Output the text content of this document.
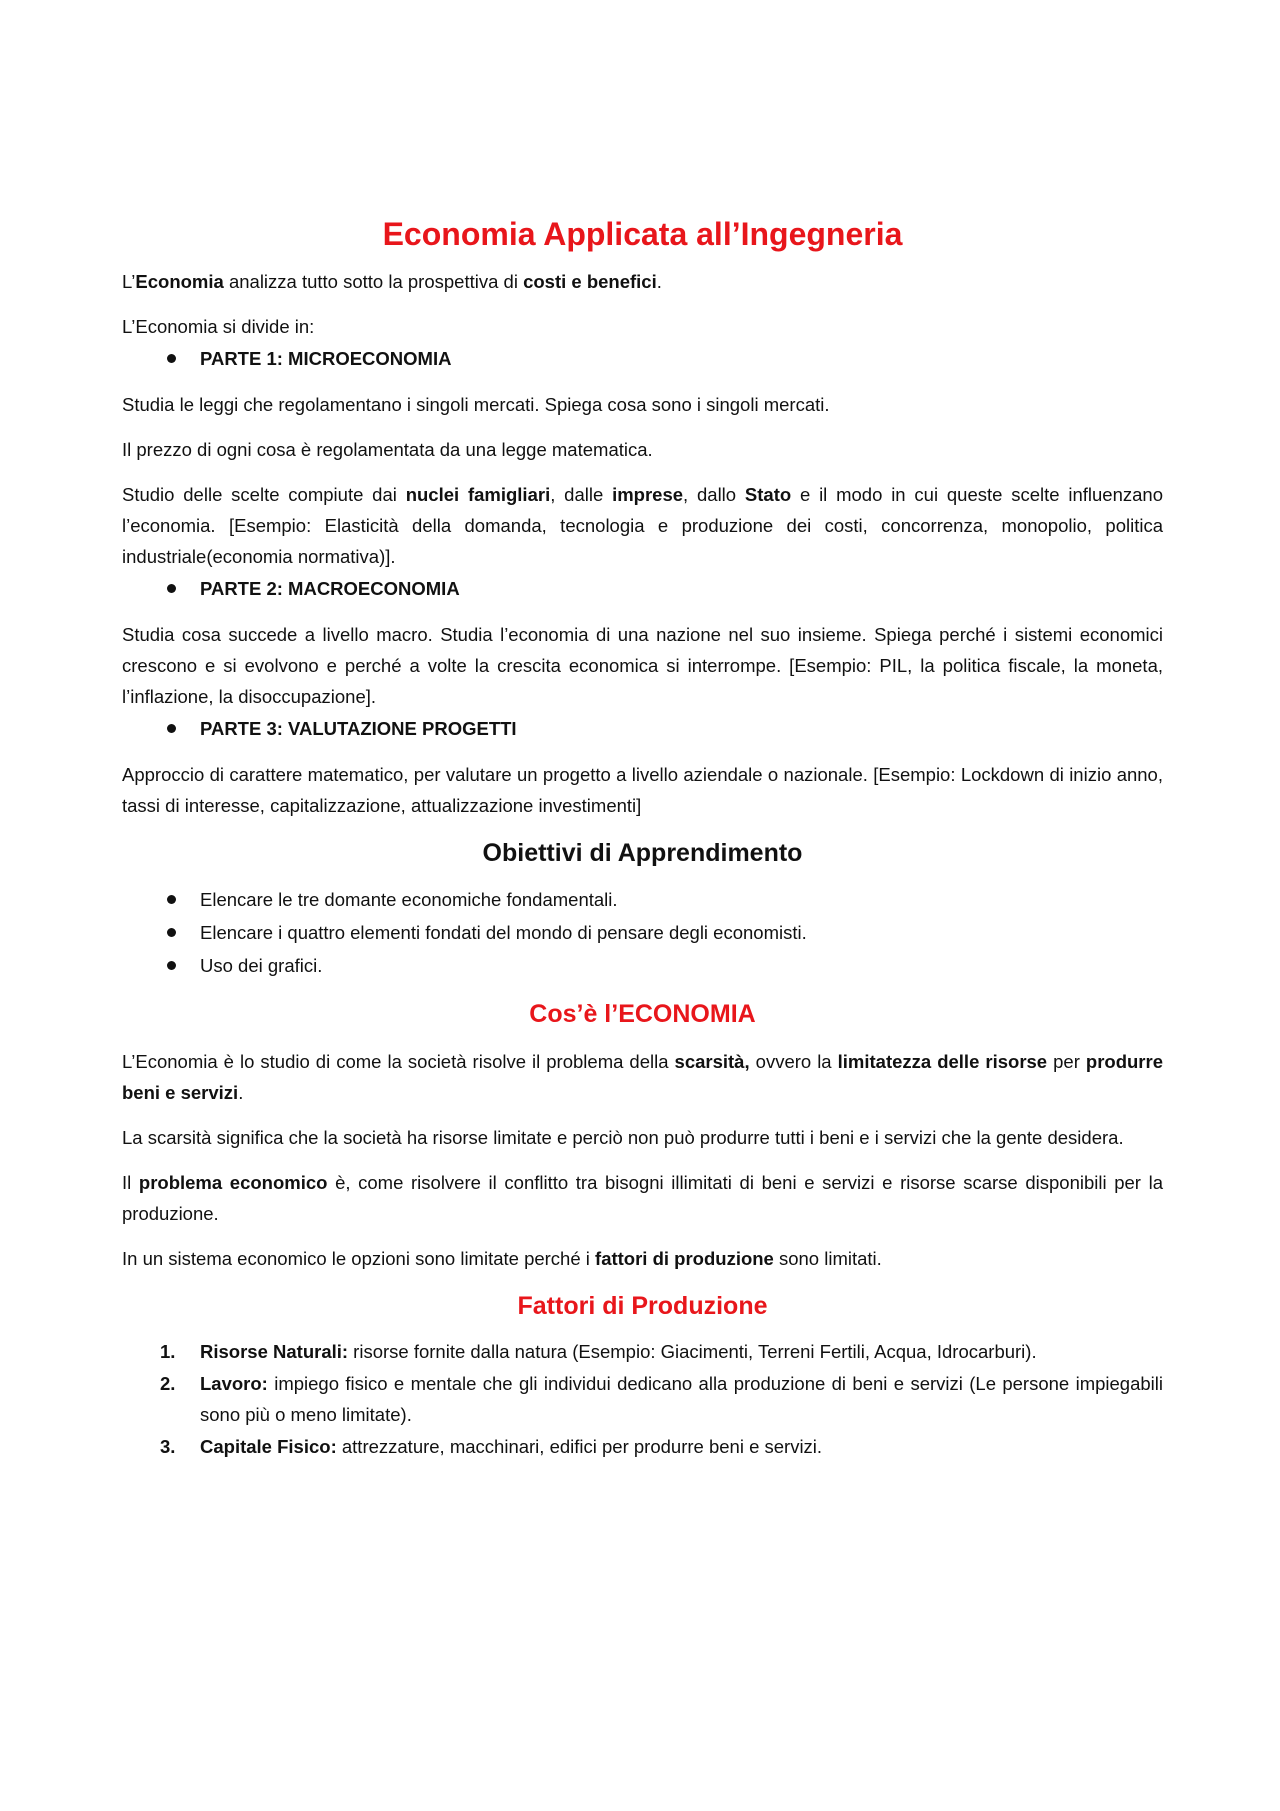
Economia Applicata all’Ingegneria

L’Economia analizza tutto sotto la prospettiva di costi e benefici.

L’Economia si divide in:

PARTE 1: MICROECONOMIA

Studia le leggi che regolamentano i singoli mercati. Spiega cosa sono i singoli mercati.

Il prezzo di ogni cosa è regolamentata da una legge matematica.

Studio delle scelte compiute dai nuclei famigliari, dalle imprese, dallo Stato e il modo in cui queste scelte influenzano l’economia. [Esempio: Elasticità della domanda, tecnologia e produzione dei costi, concorrenza, monopolio, politica industriale(economia normativa)].

PARTE 2: MACROECONOMIA

Studia cosa succede a livello macro. Studia l’economia di una nazione nel suo insieme. Spiega perché i sistemi economici crescono e si evolvono e perché a volte la crescita economica si interrompe. [Esempio: PIL, la politica fiscale, la moneta, l’inflazione, la disoccupazione].

PARTE 3: VALUTAZIONE PROGETTI

Approccio di carattere matematico, per valutare un progetto a livello aziendale o nazionale. [Esempio: Lockdown di inizio anno, tassi di interesse, capitalizzazione, attualizzazione investimenti]

Obiettivi di Apprendimento
Elencare le tre domante economiche fondamentali.
Elencare i quattro elementi fondati del mondo di pensare degli economisti.
Uso dei grafici.
Cos’è l’ECONOMIA

L’Economia è lo studio di come la società risolve il problema della scarsità, ovvero la limitatezza delle risorse per produrre beni e servizi.

La scarsità significa che la società ha risorse limitate e perciò non può produrre tutti i beni e i servizi che la gente desidera.

Il problema economico è, come risolvere il conflitto tra bisogni illimitati di beni e servizi e risorse scarse disponibili per la produzione.

In un sistema economico le opzioni sono limitate perché i fattori di produzione sono limitati.

Fattori di Produzione
1. Risorse Naturali: risorse fornite dalla natura (Esempio: Giacimenti, Terreni Fertili, Acqua, Idrocarburi).
2. Lavoro: impiego fisico e mentale che gli individui dedicano alla produzione di beni e servizi (Le persone impiegabili sono più o meno limitate).
3. Capitale Fisico: attrezzature, macchinari, edifici per produrre beni e servizi.
